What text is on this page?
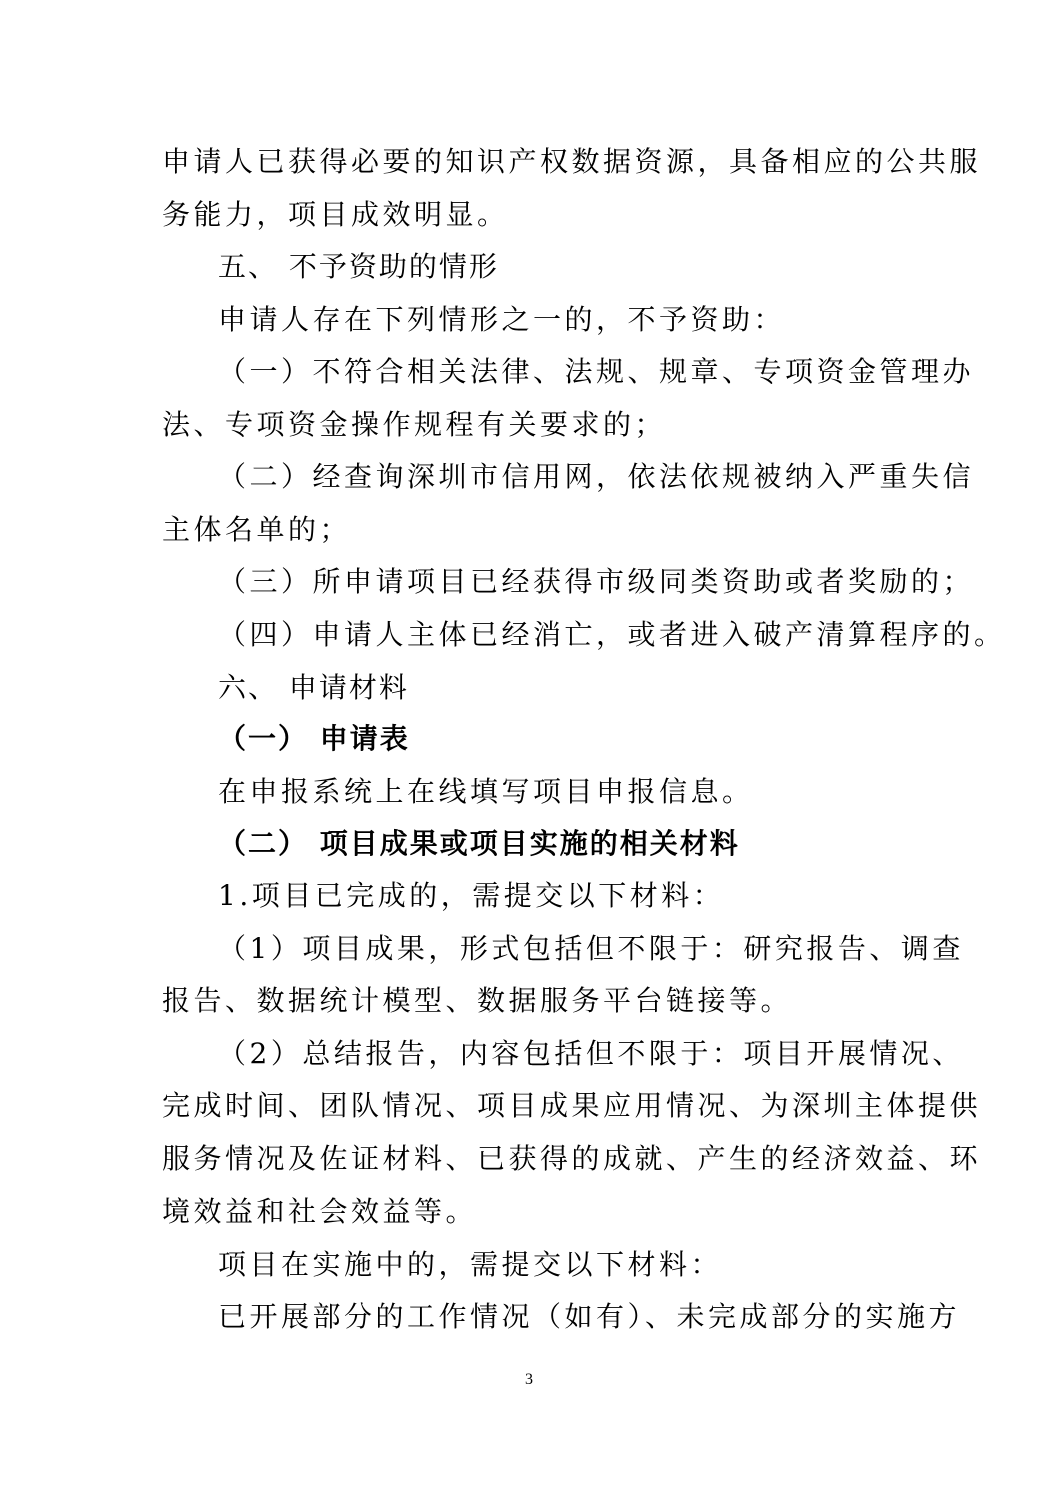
申请人已获得必要的知识产权数据资源，具备相应的公共服
务能力，项目成效明显。
五、 不予资助的情形
申请人存在下列情形之一的，不予资助：
（一）不符合相关法律、法规、规章、专项资金管理办
法、专项资金操作规程有关要求的；
（二）经查询深圳市信用网，依法依规被纳入严重失信
主体名单的；
（三）所申请项目已经获得市级同类资助或者奖励的；
（四）申请人主体已经消亡，或者进入破产清算程序的。
六、 申请材料
（一） 申请表
在申报系统上在线填写项目申报信息。
（二） 项目成果或项目实施的相关材料
1.项目已完成的，需提交以下材料：
（1）项目成果，形式包括但不限于：研究报告、调查
报告、数据统计模型、数据服务平台链接等。
（2）总结报告，内容包括但不限于：项目开展情况、
完成时间、团队情况、项目成果应用情况、为深圳主体提供
服务情况及佐证材料、已获得的成就、产生的经济效益、环
境效益和社会效益等。
项目在实施中的，需提交以下材料：
已开展部分的工作情况（如有）、未完成部分的实施方
3
